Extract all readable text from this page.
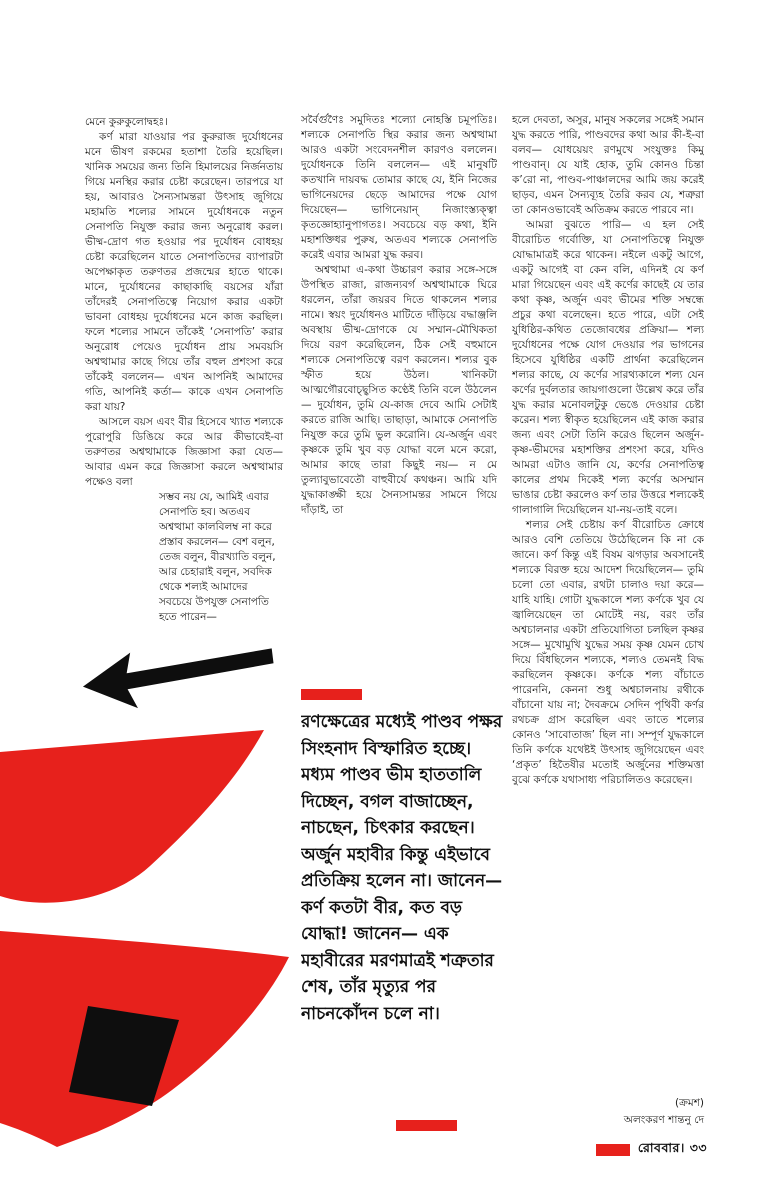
মেনে কুরুকুলোদ্বহঃ।

কর্ণ মারা যাওয়ার পর কুরুরাজ দুর্যোধনের মনে ভীষণ রকমের হতাশা তৈরি হয়েছিল। খানিক সময়ের জন্য তিনি হিমালয়ের নির্জনতায় গিয়ে মনস্থির করার চেষ্টা করেছেন। তারপরে যা হয়, আবারও সৈন্যসামন্তরা উৎসাহ জুগিয়ে মহামতি শল্যের সামনে দুর্যোধনকে নতুন সেনাপতি নিযুক্ত করার জন্য অনুরোধ করল। ভীষ্ম-দ্রোণ গত হওয়ার পর দুর্যোধন বোধহয় চেষ্টা করেছিলেন যাতে সেনাপতিদের ব্যাপারটা অপেক্ষাকৃত তরুণতর প্রজন্মের হাতে থাকে। মানে, দুর্যোধনের কাছাকাছি বয়সের যাঁরা তাঁদেরই সেনাপতিত্বে নিয়োগ করার একটা ভাবনা বোধহয় দুর্যোধনের মনে কাজ করছিল। ফলে শল্যের সামনে তাঁকেই ‘সেনাপতি’ করার অনুরোধ পেয়েও দুর্যোধন প্রায় সমবয়সি অশ্বত্থামার কাছে গিয়ে তাঁর বহুল প্রশংসা করে তাঁকেই বললেন— এখন আপনিই আমাদের গতি, আপনিই কর্তা— কাকে এখন সেনাপতি করা যায়?

আসলে বয়স এবং বীর হিসেবে খ্যাত শল্যকে পুরোপুরি ডিঙিয়ে করে আর কীভাবেই-বা তরুণতর অশ্বত্থামাকে জিজ্ঞাসা করা যেত— আবার এমন করে জিজ্ঞাসা করলে অশ্বত্থামার পক্ষেও বলা

সম্ভব নয় যে, আমিই এবার সেনাপতি হব। অতএব অশ্বত্থামা কালবিলম্ব না করে প্রস্তাব করলেন— বেশ বলুন, তেজ বলুন, বীরখ্যাতি বলুন, আর চেহারাই বলুন, সবদিক থেকে শল্যই আমাদের সবচেয়ে উপযুক্ত সেনাপতি হতে পারেন—

সর্বৈর্গুণৈঃ সমুদিতঃ শল্যো নোহস্তি চমূপতিঃ। শল্যকে সেনাপতি স্থির করার জন্য অশ্বত্থামা আরও একটা সংবেদনশীল কারণও বললেন। দুর্যোধনকে তিনি বললেন— এই মানুষটি কতখানি দায়বদ্ধ তোমার কাছে যে, ইনি নিজের ভাগিনেয়দের ছেড়ে আমাদের পক্ষে যোগ দিয়েছেন— ভাগিনেয়ান্ নিজাংস্ত্যক্ত্বা কৃতজ্ঞোহ্যানুপাগতঃ। সবচেয়ে বড় কথা, ইনি মহাশক্তিধর পুরুষ, অতএব শল্যকে সেনাপতি করেই এবার আমরা যুদ্ধ করব।

অশ্বত্থামা এ-কথা উচ্চারণ করার সঙ্গে-সঙ্গে উপস্থিত রাজা, রাজন্যবর্গ অশ্বত্থামাকে ঘিরে ধরলেন, তাঁরা জয়রব দিতে থাকলেন শল্যর নামে। স্বয়ং দুর্যোধনও মাটিতে দাঁড়িয়ে বদ্ধাঞ্জলি অবস্থায় ভীষ্ম-দ্রোণকে যে সম্মান-মৌখিকতা দিয়ে বরণ করেছিলেন, ঠিক সেই বহুমানে শল্যকে সেনাপতিত্বে বরণ করলেন। শল্যর বুক স্ফীত হয়ে উঠল। খানিকটা আত্মগৌরবোচ্ছ্বসিত কণ্ঠেই তিনি বলে উঠলেন— দুর্যোধন, তুমি যে-কাজ দেবে আমি সেটাই করতে রাজি আছি। তাছাড়া, আমাকে সেনাপতি নিযুক্ত করে তুমি ভুল করোনি। যে-অর্জুন এবং কৃষ্ণকে তুমি খুব বড় যোদ্ধা বলে মনে করো, আমার কাছে তারা কিছুই নয়— ন মে তুল্যাবুভাবেতৌ বাহুবীর্যে কথঞ্চন। আমি যদি যুদ্ধাকাঙ্ক্ষী হয়ে সৈন্যসামন্তর সামনে গিয়ে দাঁড়াই, তা

হলে দেবতা, অসুর, মানুষ সকলের সঙ্গেই সমান যুদ্ধ করতে পারি, পাণ্ডবদের কথা আর কী-ই-বা বলব— যোধয়েয়ং রণমুখে সংযুক্তঃ কিমু পাণ্ডবান্। যে যাই হোক, তুমি কোনও চিন্তা ক’রো না, পাণ্ডব-পাঞ্চালদের আমি জয় করেই ছাড়ব, এমন সৈন্যব্যূহ তৈরি করব যে, শত্রুরা তা কোনওভাবেই অতিক্রম করতে পারবে না।

আমরা বুঝতে পারি— এ হল সেই বীরোচিত গর্বোক্তি, যা সেনাপতিত্বে নিযুক্ত যোদ্ধামাত্রই করে থাকেন। নইলে একটু আগে, একটু আগেই বা কেন বলি, এদিনই যে কর্ণ মারা গিয়েছেন এবং এই কর্ণের কাছেই যে তার কথা কৃষ্ণ, অর্জুন এবং ভীমের শক্তি সম্বন্ধে প্রচুর কথা বলেছেন। হতে পারে, এটা সেই যুধিষ্ঠির-কথিত তেজোবধের প্রক্রিয়া— শল্য দুর্যোধনের পক্ষে যোগ দেওয়ার পর ভাগনের হিসেবে যুধিষ্ঠির একটি প্রার্থনা করেছিলেন শল্যর কাছে, যে কর্ণের সারথ্যকালে শল্য যেন কর্ণের দুর্বলতার জায়গাগুলো উল্লেখ করে তাঁর যুদ্ধ করার মনোবলটুকু ভেঙে দেওয়ার চেষ্টা করেন। শল্য স্বীকৃত হয়েছিলেন এই কাজ করার জন্য এবং সেটা তিনি করেও ছিলেন অর্জুন-কৃষ্ণ-ভীমদের মহাশক্তির প্রশংসা করে, যদিও আমরা এটাও জানি যে, কর্ণের সেনাপতিত্ব কালের প্রথম দিকেই শল্য কর্ণের অসম্মান ভাঙার চেষ্টা করলেও কর্ণ তার উত্তরে শল্যকেই গালাগালি দিয়েছিলেন যা-নয়-তাই বলে।

শল্যর সেই চেষ্টায় কর্ণ বীরোচিত ক্রোধে আরও বেশি তেতিয়ে উঠেছিলেন কি না কে জানে। কর্ণ কিন্তু এই বিষম ঝগড়ার অবসানেই শল্যকে বিরক্ত হয়ে আদেশ দিয়েছিলেন— তুমি চলো তো এবার, রথটা চালাও দয়া করে— যাহি যাহি। গোটা যুদ্ধকালে শল্য কর্ণকে খুব যে জ্বালিয়েছেন তা মোটেই নয়, বরং তাঁর অশ্বচালনার একটা প্রতিযোগিতা চলছিল কৃষ্ণর সঙ্গে— মুখোমুখি যুদ্ধের সময় কৃষ্ণ যেমন চোখ দিয়ে বিঁধছিলেন শল্যকে, শল্যও তেমনই বিদ্ধ করছিলেন কৃষ্ণকে। কর্ণকে শল্য বাঁচাতে পারেননি, কেননা শুধু অশ্বচালনায় রথীকে বাঁচানো যায় না; দৈবক্রমে সেদিন পৃথিবী কর্ণর রথচক্র গ্রাস করেছিল এবং তাতে শল্যের কোনও ‘সাবোতাজ’ ছিল না। সম্পূর্ণ যুদ্ধকালে তিনি কর্ণকে যথেষ্টই উৎসাহ জুগিয়েছেন এবং ‘প্রকৃত’ হিতৈষীর মতোই অর্জুনের শক্তিমত্তা বুঝে কর্ণকে যথাসাধ্য পরিচালিতও করেছেন।

(ক্রমশ)
অলংকরণ শান্তনু দে
রণক্ষেত্রের মধ্যেই পাণ্ডব পক্ষর সিংহনাদ বিস্ফারিত হচ্ছে। মধ্যম পাণ্ডব ভীম হাততালি দিচ্ছেন, বগল বাজাচ্ছেন, নাচছেন, চিৎকার করছেন। অর্জুন মহাবীর কিন্তু এইভাবে প্রতিক্রিয় হলেন না। জানেন— কর্ণ কতটা বীর, কত বড় যোদ্ধা! জানেন— এক মহাবীরের মরণমাত্রই শত্রুতার শেষ, তাঁর মৃত্যুর পর নাচনকোঁদন চলে না।
রোববার। ৩৩
